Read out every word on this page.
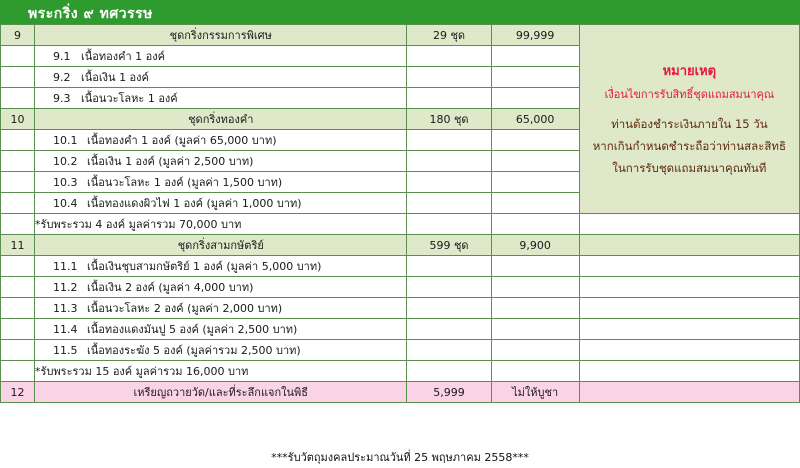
พระกริ่ง ๙ ทศวรรษ
9	ชุดกริ่งกรรมการพิเศษ	29 ชุด	99,999	หมายเหตุ
เงื่อนไขการรับสิทธิ์ชุดแถมสมนาคุณ
ท่านต้องชำระเงินภายใน 15 วัน
หากเกินกำหนดชำระถือว่าท่านสละสิทธิ
ในการรับชุดแถมสมนาคุณทันที

	9.1 เนื้อทองคำ 1 องค์			

	9.2 เนื้อเงิน 1 องค์			

	9.3 เนื้อนวะโลหะ 1 องค์			

10	ชุดกริ่งทองคำ	180 ชุด	65,000	

	10.1 เนื้อทองคำ 1 องค์ (มูลค่า 65,000 บาท)			

	10.2 เนื้อเงิน 1 องค์ (มูลค่า 2,500 บาท)			

	10.3 เนื้อนวะโลหะ 1 องค์ (มูลค่า 1,500 บาท)			

	10.4 เนื้อทองแดงผิวไฟ 1 องค์ (มูลค่า 1,000 บาท)			

	*รับพระรวม 4 องค์ มูลค่ารวม 70,000 บาท			
11	ชุดกริ่งสามกษัตริย์	599 ชุด	9,900	

	11.1 เนื้อเงินชุบสามกษัตริย์ 1 องค์ (มูลค่า 5,000 บาท)			

	11.2 เนื้อเงิน 2 องค์ (มูลค่า 4,000 บาท)			

	11.3 เนื้อนวะโลหะ 2 องค์ (มูลค่า 2,000 บาท)			

	11.4 เนื้อทองแดงมันปู 5 องค์ (มูลค่า 2,500 บาท)			

	11.5 เนื้อทองระฆัง 5 องค์ (มูลค่ารวม 2,500 บาท)			

	*รับพระรวม 15 องค์ มูลค่ารวม 16,000 บาท			
12	เหรียญถวายวัด/และที่ระลึกแจกในพิธี	5,999	ไม่ให้บูชา	
***รับวัตถุมงคลประมาณวันที่ 25 พฤษภาคม 2558***
